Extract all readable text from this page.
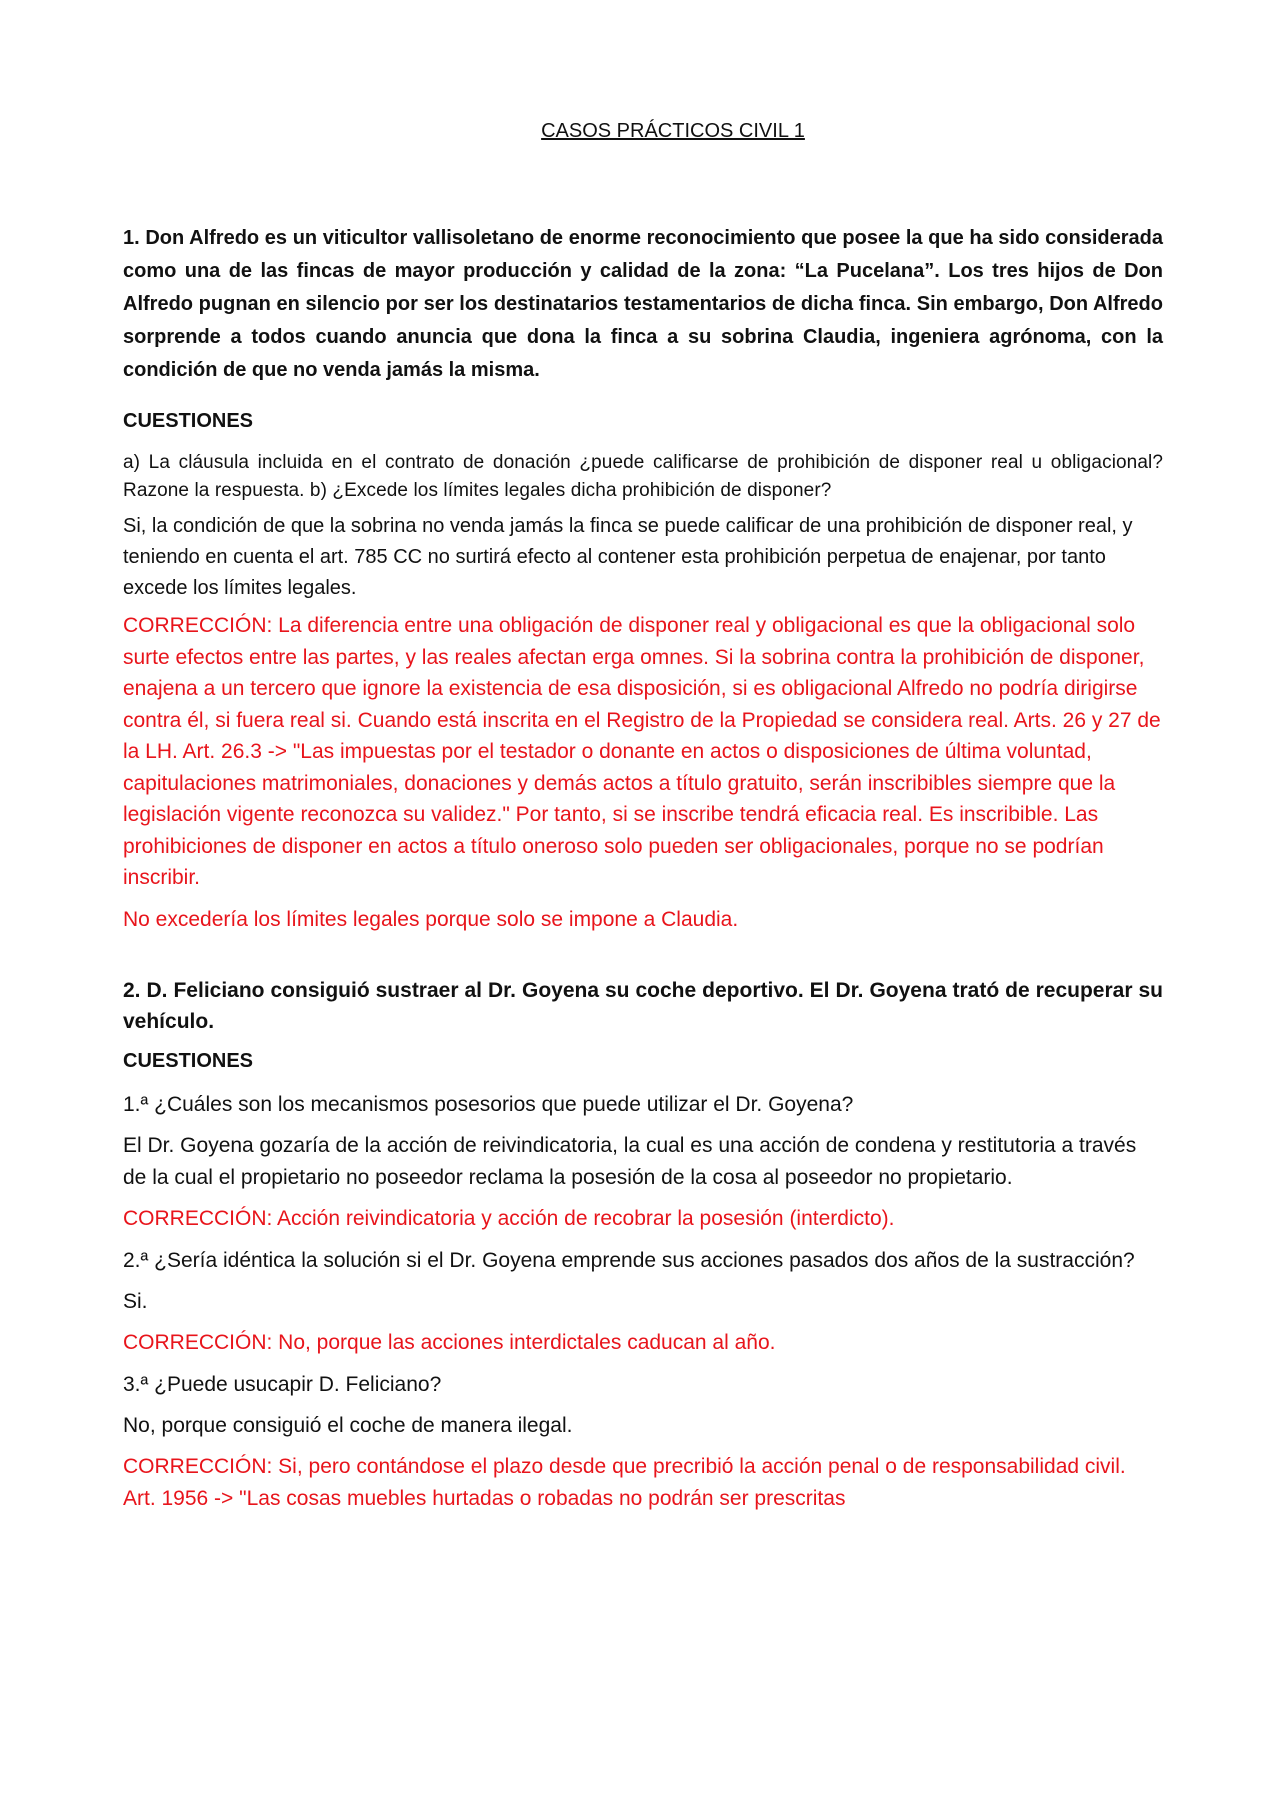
CASOS PRÁCTICOS CIVIL 1

1. Don Alfredo es un viticultor vallisoletano de enorme reconocimiento que posee la que ha sido considerada como una de las fincas de mayor producción y calidad de la zona: “La Pucelana”. Los tres hijos de Don Alfredo pugnan en silencio por ser los destinatarios testamentarios de dicha finca. Sin embargo, Don Alfredo sorprende a todos cuando anuncia que dona la finca a su sobrina Claudia, ingeniera agrónoma, con la condición de que no venda jamás la misma.

CUESTIONES

a) La cláusula incluida en el contrato de donación ¿puede calificarse de prohibición de disponer real u obligacional? Razone la respuesta. b) ¿Excede los límites legales dicha prohibición de disponer?

Si, la condición de que la sobrina no venda jamás la finca se puede calificar de una prohibición de disponer real, y teniendo en cuenta el art. 785 CC no surtirá efecto al contener esta prohibición perpetua de enajenar, por tanto excede los límites legales.

CORRECCIÓN: La diferencia entre una obligación de disponer real y obligacional es que la obligacional solo surte efectos entre las partes, y las reales afectan erga omnes. Si la sobrina contra la prohibición de disponer, enajena a un tercero que ignore la existencia de esa disposición, si es obligacional Alfredo no podría dirigirse contra él, si fuera real si. Cuando está inscrita en el Registro de la Propiedad se considera real. Arts. 26 y 27 de la LH. Art. 26.3 -> "Las impuestas por el testador o donante en actos o disposiciones de última voluntad, capitulaciones matrimoniales, donaciones y demás actos a título gratuito, serán inscribibles siempre que la legislación vigente reconozca su validez." Por tanto, si se inscribe tendrá eficacia real. Es inscribible. Las prohibiciones de disponer en actos a título oneroso solo pueden ser obligacionales, porque no se podrían inscribir.

No excedería los límites legales porque solo se impone a Claudia.

2. D. Feliciano consiguió sustraer al Dr. Goyena su coche deportivo. El Dr. Goyena trató de recuperar su vehículo.

CUESTIONES

1.ª ¿Cuáles son los mecanismos posesorios que puede utilizar el Dr. Goyena?

El Dr. Goyena gozaría de la acción de reivindicatoria, la cual es una acción de condena y restitutoria a través de la cual el propietario no poseedor reclama la posesión de la cosa al poseedor no propietario.

CORRECCIÓN: Acción reivindicatoria y acción de recobrar la posesión (interdicto).

2.ª ¿Sería idéntica la solución si el Dr. Goyena emprende sus acciones pasados dos años de la sustracción?

Si.

CORRECCIÓN: No, porque las acciones interdictales caducan al año.

3.ª ¿Puede usucapir D. Feliciano?

No, porque consiguió el coche de manera ilegal.

CORRECCIÓN: Si, pero contándose el plazo desde que precribió la acción penal o de responsabilidad civil. Art. 1956 -> "Las cosas muebles hurtadas o robadas no podrán ser prescritas
